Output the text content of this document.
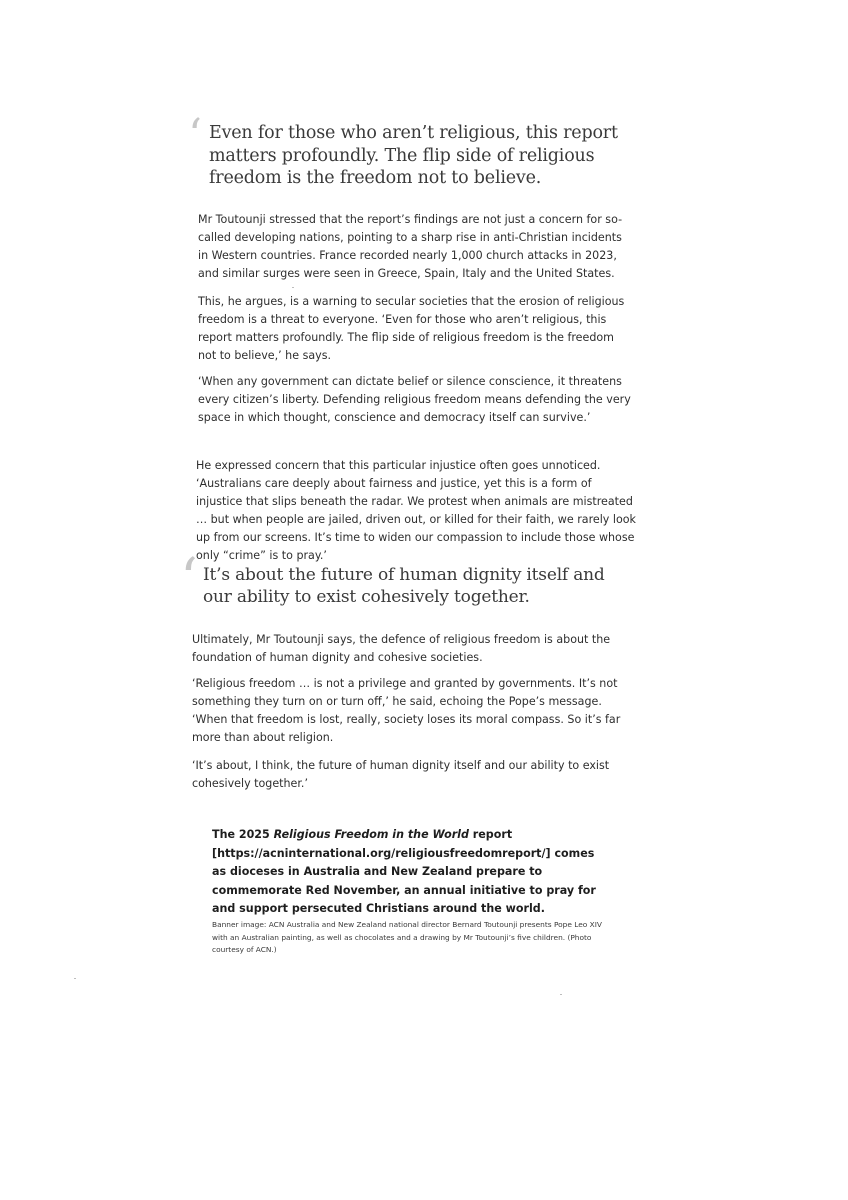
‘ Even for those who aren’t religious, this report matters profoundly. The flip side of religious freedom is the freedom not to believe.

Mr Toutounji stressed that the report’s findings are not just a concern for so-called developing nations, pointing to a sharp rise in anti-Christian incidents in Western countries. France recorded nearly 1,000 church attacks in 2023, and similar surges were seen in Greece, Spain, Italy and the United States.

This, he argues, is a warning to secular societies that the erosion of religious freedom is a threat to everyone. ‘Even for those who aren’t religious, this report matters profoundly. The flip side of religious freedom is the freedom not to believe,’ he says.

‘When any government can dictate belief or silence conscience, it threatens every citizen’s liberty. Defending religious freedom means defending the very space in which thought, conscience and democracy itself can survive.’

He expressed concern that this particular injustice often goes unnoticed. ‘Australians care deeply about fairness and justice, yet this is a form of injustice that slips beneath the radar. We protest when animals are mistreated … but when people are jailed, driven out, or killed for their faith, we rarely look up from our screens. It’s time to widen our compassion to include those whose only “crime” is to pray.’

‘ It’s about the future of human dignity itself and our ability to exist cohesively together.

Ultimately, Mr Toutounji says, the defence of religious freedom is about the foundation of human dignity and cohesive societies.

‘Religious freedom … is not a privilege and granted by governments. It’s not something they turn on or turn off,’ he said, echoing the Pope’s message. ‘When that freedom is lost, really, society loses its moral compass. So it’s far more than about religion.

‘It’s about, I think, the future of human dignity itself and our ability to exist cohesively together.’

The 2025 Religious Freedom in the World report [https://acninternational.org/religiousfreedomreport/] comes as dioceses in Australia and New Zealand prepare to commemorate Red November, an annual initiative to pray for and support persecuted Christians around the world.

Banner image: ACN Australia and New Zealand national director Bernard Toutounji presents Pope Leo XIV with an Australian painting, as well as chocolates and a drawing by Mr Toutounji’s five children. (Photo courtesy of ACN.)
